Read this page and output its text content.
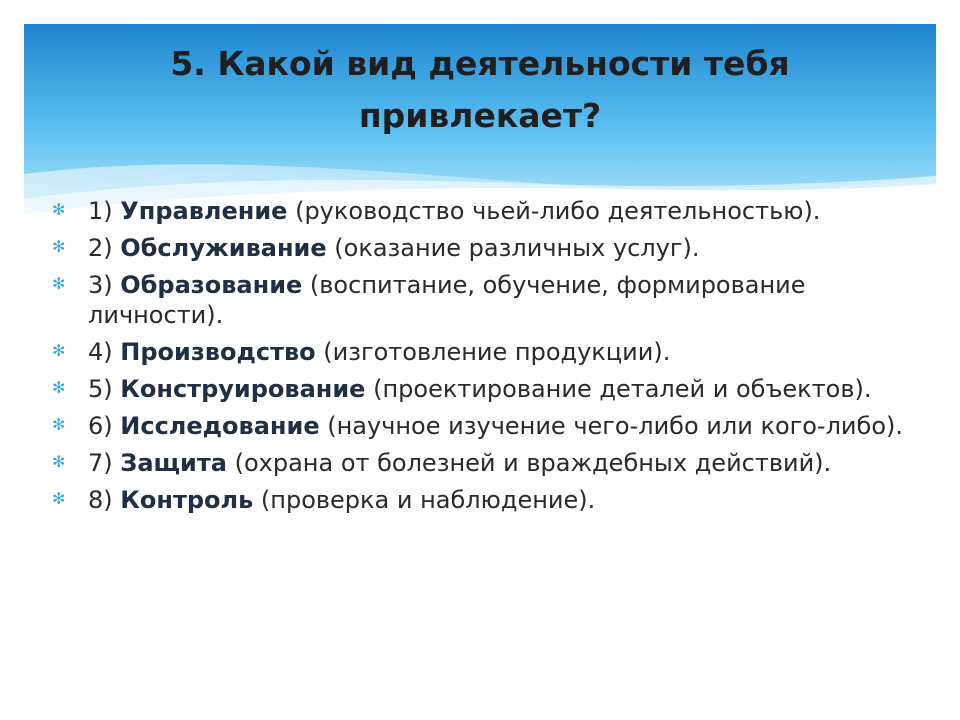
5. Какой вид деятельности тебя
привлекает?
✻ 1) Управление (руководство чьей-либо деятельностью).
✻ 2) Обслуживание (оказание различных услуг).
✻ 3) Образование (воспитание, обучение, формирование личности).
✻ 4) Производство (изготовление продукции).
✻ 5) Конструирование (проектирование деталей и объектов).
✻ 6) Исследование (научное изучение чего-либо или кого-либо).
✻ 7) Защита (охрана от болезней и враждебных действий).
✻ 8) Контроль (проверка и наблюдение).
